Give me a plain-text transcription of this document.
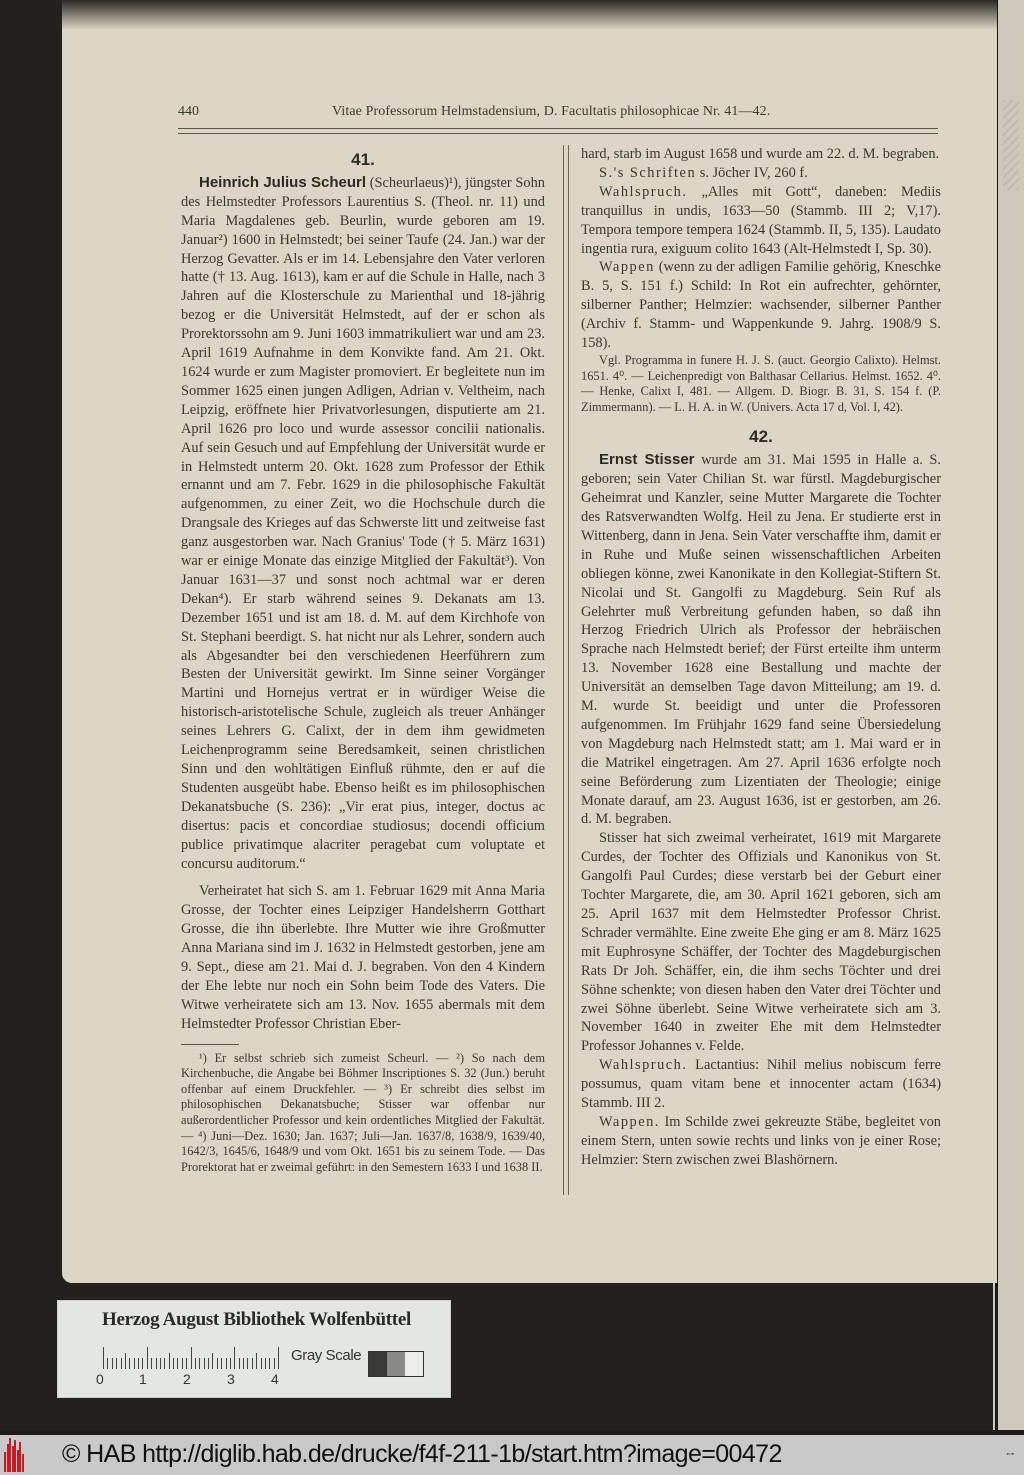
440	Vitae Professorum Helmstadensium, D. Facultatis philosophicae Nr. 41—42.
41.

Heinrich Julius Scheurl (Scheurlaeus)¹), jüngster Sohn des Helmstedter Professors Laurentius S. (Theol. nr. 11) und Maria Magdalenes geb. Beurlin, wurde geboren am 19. Januar²) 1600 in Helmstedt; bei seiner Taufe (24. Jan.) war der Herzog Gevatter. Als er im 14. Lebensjahre den Vater verloren hatte († 13. Aug. 1613), kam er auf die Schule in Halle, nach 3 Jahren auf die Klosterschule zu Marienthal und 18-jährig bezog er die Universität Helmstedt, auf der er schon als Prorektorssohn am 9. Juni 1603 immatrikuliert war und am 23. April 1619 Aufnahme in dem Konvikte fand. Am 21. Okt. 1624 wurde er zum Magister promoviert. Er begleitete nun im Sommer 1625 einen jungen Adligen, Adrian v. Veltheim, nach Leipzig, eröffnete hier Privatvorlesungen, disputierte am 21. April 1626 pro loco und wurde assessor concilii nationalis. Auf sein Gesuch und auf Empfehlung der Universität wurde er in Helmstedt unterm 20. Okt. 1628 zum Professor der Ethik ernannt und am 7. Febr. 1629 in die philosophische Fakultät aufgenommen, zu einer Zeit, wo die Hochschule durch die Drangsale des Krieges auf das Schwerste litt und zeitweise fast ganz ausgestorben war. Nach Granius' Tode († 5. März 1631) war er einige Monate das einzige Mitglied der Fakultät³). Von Januar 1631—37 und sonst noch achtmal war er deren Dekan⁴). Er starb während seines 9. Dekanats am 13. Dezember 1651 und ist am 18. d. M. auf dem Kirchhofe von St. Stephani beerdigt. S. hat nicht nur als Lehrer, sondern auch als Abgesandter bei den verschiedenen Heerführern zum Besten der Universität gewirkt. Im Sinne seiner Vorgänger Martini und Hornejus vertrat er in würdiger Weise die historisch-aristotelische Schule, zugleich als treuer Anhänger seines Lehrers G. Calixt, der in dem ihm gewidmeten Leichenprogramm seine Beredsamkeit, seinen christlichen Sinn und den wohltätigen Einfluß rühmte, den er auf die Studenten ausgeübt habe. Ebenso heißt es im philosophischen Dekanatsbuche (S. 236): „Vir erat pius, integer, doctus ac disertus: pacis et concordiae studiosus; docendi officium publice privatimque alacriter peragebat cum voluptate et concursu auditorum.“

Verheiratet hat sich S. am 1. Februar 1629 mit Anna Maria Grosse, der Tochter eines Leipziger Handelsherrn Gotthart Grosse, die ihn überlebte. Ihre Mutter wie ihre Großmutter Anna Mariana sind im J. 1632 in Helmstedt gestorben, jene am 9. Sept., diese am 21. Mai d. J. begraben. Von den 4 Kindern der Ehe lebte nur noch ein Sohn beim Tode des Vaters. Die Witwe verheiratete sich am 13. Nov. 1655 abermals mit dem Helmstedter Professor Christian Eber-

¹) Er selbst schrieb sich zumeist Scheurl. — ²) So nach dem Kirchenbuche, die Angabe bei Böhmer Inscriptiones S. 32 (Jun.) beruht offenbar auf einem Druckfehler. — ³) Er schreibt dies selbst im philosophischen Dekanatsbuche; Stisser war offenbar nur außerordentlicher Professor und kein ordentliches Mitglied der Fakultät. — ⁴) Juni—Dez. 1630; Jan. 1637; Juli—Jan. 1637/8, 1638/9, 1639/40, 1642/3, 1645/6, 1648/9 und vom Okt. 1651 bis zu seinem Tode. — Das Prorektorat hat er zweimal geführt: in den Semestern 1633 I und 1638 II.

hard, starb im August 1658 und wurde am 22. d. M. begraben.

S.'s Schriften s. Jöcher IV, 260 f.

Wahlspruch. „Alles mit Gott“, daneben: Mediis tranquillus in undis, 1633—50 (Stammb. III 2; V,17). Tempora tempore tempera 1624 (Stammb. II, 5, 135). Laudato ingentia rura, exiguum colito 1643 (Alt-Helmstedt I, Sp. 30).

Wappen (wenn zu der adligen Familie gehörig, Kneschke B. 5, S. 151 f.) Schild: In Rot ein aufrechter, gehörnter, silberner Panther; Helmzier: wachsender, silberner Panther (Archiv f. Stamm- und Wappenkunde 9. Jahrg. 1908/9 S. 158).

Vgl. Programma in funere H. J. S. (auct. Georgio Calixto). Helmst. 1651. 4⁰. — Leichenpredigt von Balthasar Cellarius. Helmst. 1652. 4⁰. — Henke, Calixt I, 481. — Allgem. D. Biogr. B. 31, S. 154 f. (P. Zimmermann). — L. H. A. in W. (Univers. Acta 17 d, Vol. I, 42).

42.

Ernst Stisser wurde am 31. Mai 1595 in Halle a. S. geboren; sein Vater Chilian St. war fürstl. Magdeburgischer Geheimrat und Kanzler, seine Mutter Margarete die Tochter des Ratsverwandten Wolfg. Heil zu Jena. Er studierte erst in Wittenberg, dann in Jena. Sein Vater verschaffte ihm, damit er in Ruhe und Muße seinen wissenschaftlichen Arbeiten obliegen könne, zwei Kanonikate in den Kollegiat-Stiftern St. Nicolai und St. Gangolfi zu Magdeburg. Sein Ruf als Gelehrter muß Verbreitung gefunden haben, so daß ihn Herzog Friedrich Ulrich als Professor der hebräischen Sprache nach Helmstedt berief; der Fürst erteilte ihm unterm 13. November 1628 eine Bestallung und machte der Universität an demselben Tage davon Mitteilung; am 19. d. M. wurde St. beeidigt und unter die Professoren aufgenommen. Im Frühjahr 1629 fand seine Übersiedelung von Magdeburg nach Helmstedt statt; am 1. Mai ward er in die Matrikel eingetragen. Am 27. April 1636 erfolgte noch seine Beförderung zum Lizentiaten der Theologie; einige Monate darauf, am 23. August 1636, ist er gestorben, am 26. d. M. begraben.

Stisser hat sich zweimal verheiratet, 1619 mit Margarete Curdes, der Tochter des Offizials und Kanonikus von St. Gangolfi Paul Curdes; diese verstarb bei der Geburt einer Tochter Margarete, die, am 30. April 1621 geboren, sich am 25. April 1637 mit dem Helmstedter Professor Christ. Schrader vermählte. Eine zweite Ehe ging er am 8. März 1625 mit Euphrosyne Schäffer, der Tochter des Magdeburgischen Rats Dr Joh. Schäffer, ein, die ihm sechs Töchter und drei Söhne schenkte; von diesen haben den Vater drei Töchter und zwei Söhne überlebt. Seine Witwe verheiratete sich am 3. November 1640 in zweiter Ehe mit dem Helmstedter Professor Johannes v. Felde.

Wahlspruch. Lactantius: Nihil melius nobiscum ferre possumus, quam vitam bene et innocenter actam (1634) Stammb. III 2.

Wappen. Im Schilde zwei gekreuzte Stäbe, begleitet von einem Stern, unten sowie rechts und links von je einer Rose; Helmzier: Stern zwischen zwei Blashörnern.

Herzog August Bibliothek Wolfenbüttel
0	1	2	3	4
Gray Scale
© HAB http://diglib.hab.de/drucke/f4f-211-1b/start.htm?image=00472	▪▫▪
